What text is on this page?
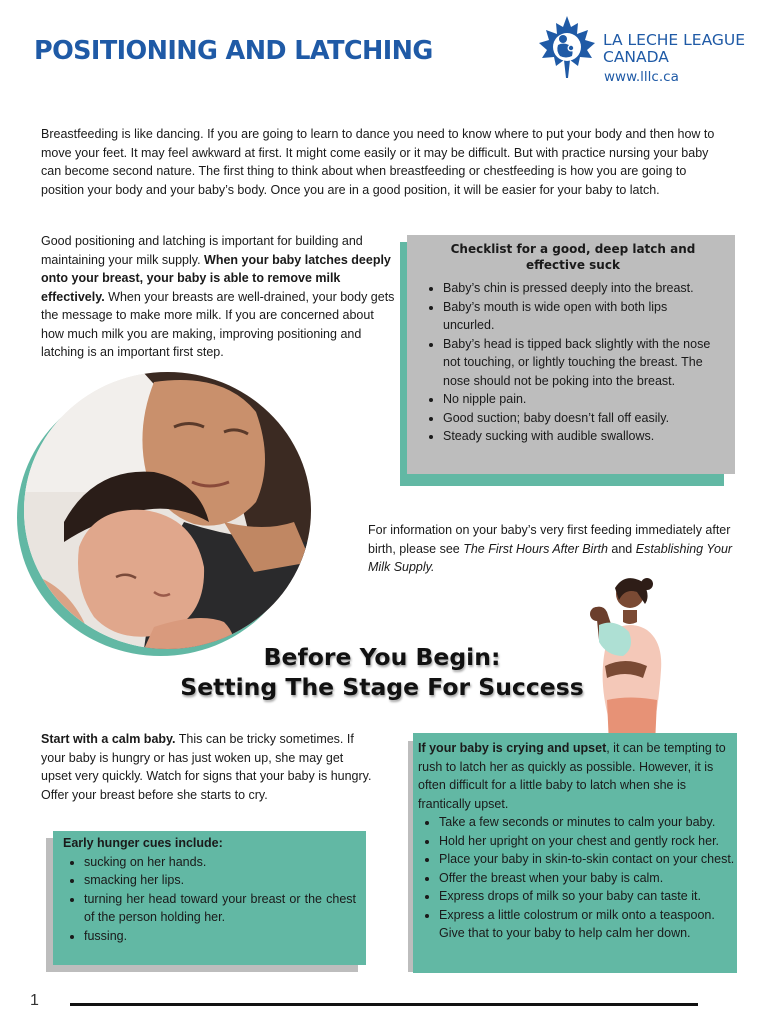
POSITIONING AND LATCHING	LA LECHE LEAGUE
CANADA
www.lllc.ca

Breastfeeding is like dancing. If you are going to learn to dance you need to know where to put your body and then how to move your feet. It may feel awkward at first. It might come easily or it may be difficult. But with practice nursing your baby can become second nature. The first thing to think about when breastfeeding or chestfeeding is how you are going to position your body and your baby’s body. Once you are in a good position, it will be easier for your baby to latch.

Good positioning and latching is important for building and maintaining your milk supply. When your baby latches deeply onto your breast, your baby is able to remove milk effectively. When your breasts are well-drained, your body gets the message to make more milk. If you are concerned about how much milk you are making, improving positioning and latching is an important first step.

Checklist for a good, deep latch and effective suck

• Baby’s chin is pressed deeply into the breast.
• Baby’s mouth is wide open with both lips uncurled.
• Baby’s head is tipped back slightly with the nose not touching, or lightly touching the breast. The nose should not be poking into the breast.
• No nipple pain.
• Good suction; baby doesn’t fall off easily.
• Steady sucking with audible swallows.

For information on your baby’s very first feeding immediately after birth, please see The First Hours After Birth and Establishing Your Milk Supply.

Before You Begin:
Setting The Stage For Success

Start with a calm baby. This can be tricky sometimes. If your baby is hungry or has just woken up, she may get upset very quickly. Watch for signs that your baby is hungry. Offer your breast before she starts to cry.

Early hunger cues include:
• sucking on her hands.
• smacking her lips.
• turning her head toward your breast or the chest of the person holding her.
• fussing.

If your baby is crying and upset, it can be tempting to rush to latch her as quickly as possible. However, it is often difficult for a little baby to latch when she is frantically upset.

• Take a few seconds or minutes to calm your baby.
• Hold her upright on your chest and gently rock her.
• Place your baby in skin-to-skin contact on your chest.
• Offer the breast when your baby is calm.
• Express drops of milk so your baby can taste it.
• Express a little colostrum or milk onto a teaspoon. Give that to your baby to help calm her down.
1
